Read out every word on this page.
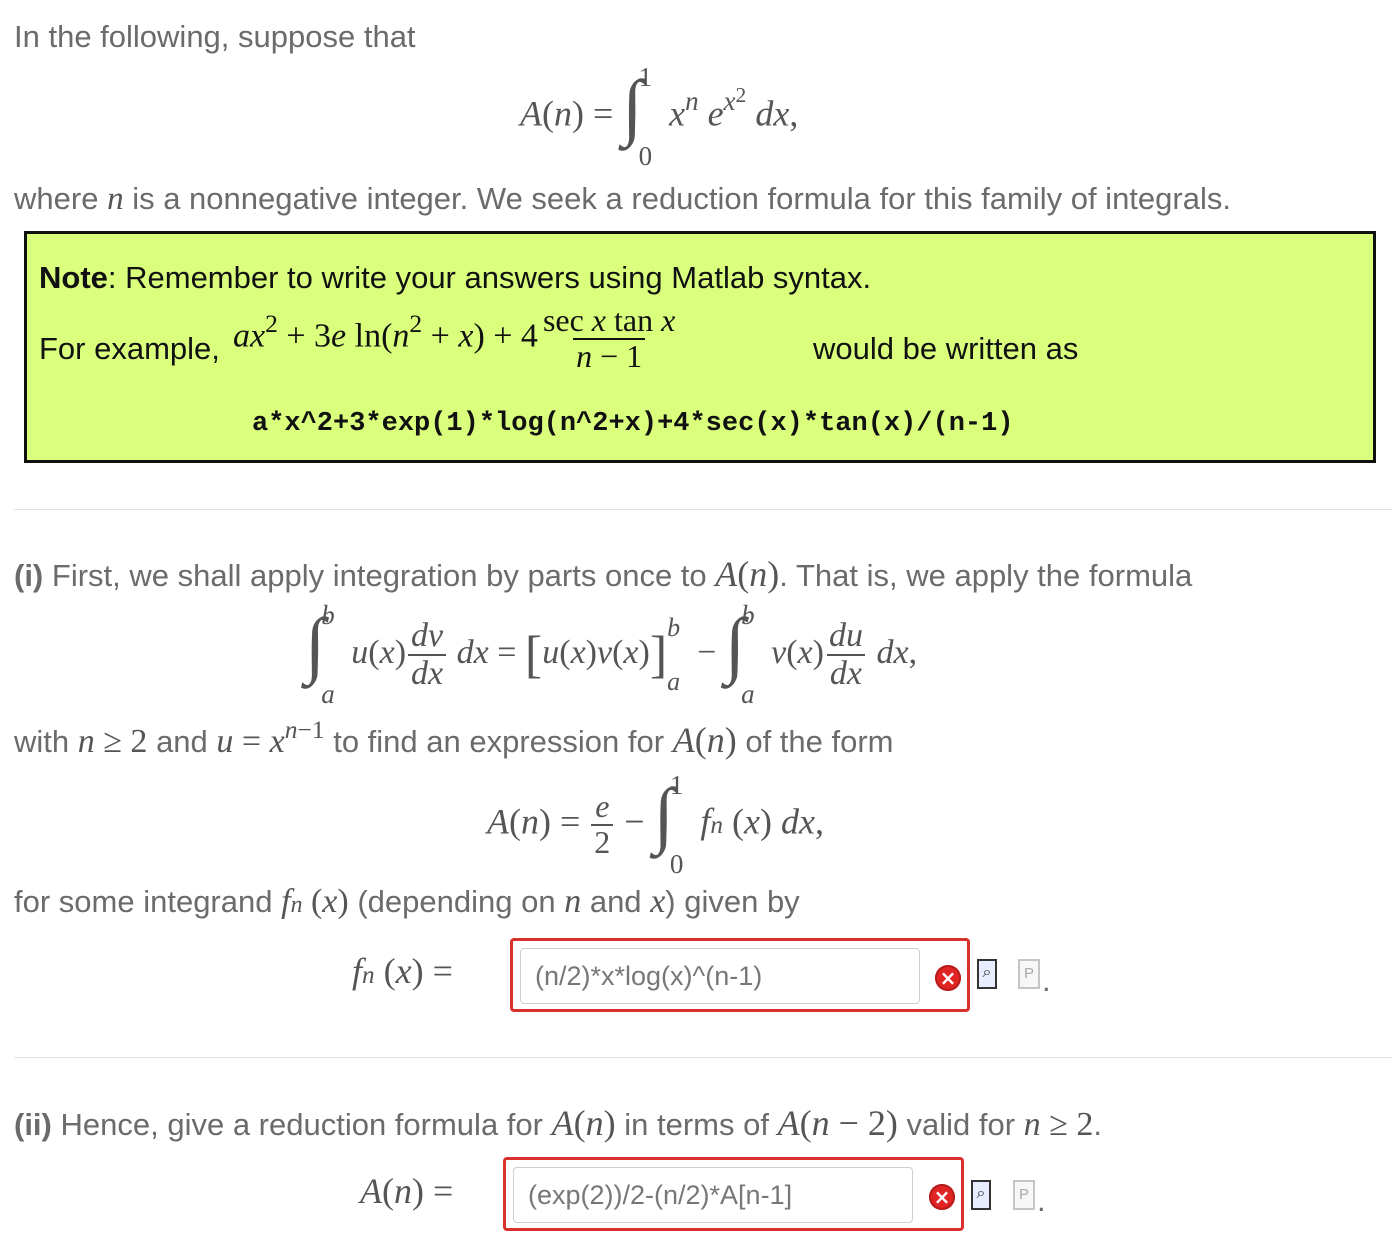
In the following, suppose that
A(n) = ∫
1
0
$x^n$ $e^{x^2}$ dx,
where n is a nonnegative integer. We seek a reduction formula for this family of integrals.
Note: Remember to write your answers using Matlab syntax.
For example, $ax^2 + 3e$ $\ln(n^2 + x) + 4 \frac{\text{sec x tan x}}{n - 1}$	would be written as
a*x^2+3*exp(1)*log(n^2+x)+4*sec(x)*tan(x)/(n-1)
(i) First, we shall apply integration by parts once to A(n). That is, we apply the formula
∫
b
a
$u(x) \frac{dv}{dx}$ dx = [u(x)v(x)] b
a
− ∫
b
a
$v(x) \frac{du}{dx}$ dx,
with n ≥ 2 and $u = x^{n-1}$ to find an expression for A(n) of the form
$A(n) = \frac{e}{2}$ − ∫
1
0
fn (x) dx,
for some integrand fn (x) (depending on n and x) given by
fn (x) =	(n/2)*x*log(x)^(n-1)	×	⌕	P .
(ii) Hence, give a reduction formula for A(n) in terms of A(n − 2) valid for n ≥ 2.
A(n) =	(exp(2))/2-(n/2)*A[n-1]	×	⌕	P .
